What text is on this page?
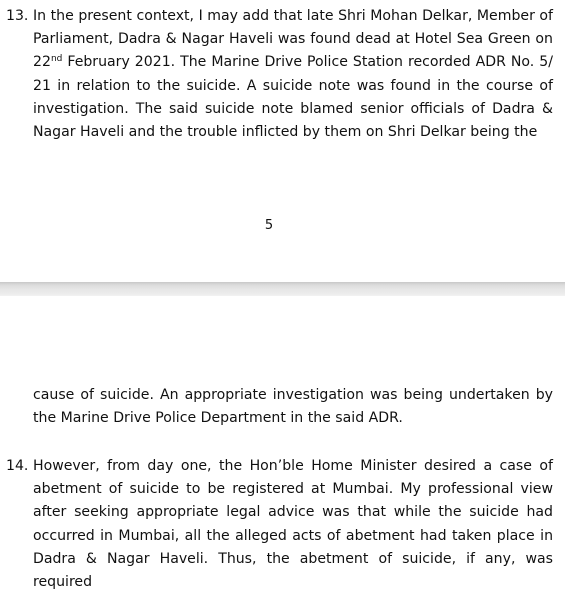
13. In the present context, I may add that late Shri Mohan Delkar, Member of Parliament, Dadra & Nagar Haveli was found dead at Hotel Sea Green on 22nd February 2021. The Marine Drive Police Station recorded ADR No. 5/ 21 in relation to the suicide. A suicide note was found in the course of investigation. The said suicide note blamed senior officials of Dadra & Nagar Haveli and the trouble inflicted by them on Shri Delkar being the

5

cause of suicide. An appropriate investigation was being undertaken by the Marine Drive Police Department in the said ADR.

14. However, from day one, the Hon’ble Home Minister desired a case of abetment of suicide to be registered at Mumbai. My professional view after seeking appropriate legal advice was that while the suicide had occurred in Mumbai, all the alleged acts of abetment had taken place in Dadra & Nagar Haveli. Thus, the abetment of suicide, if any, was required
